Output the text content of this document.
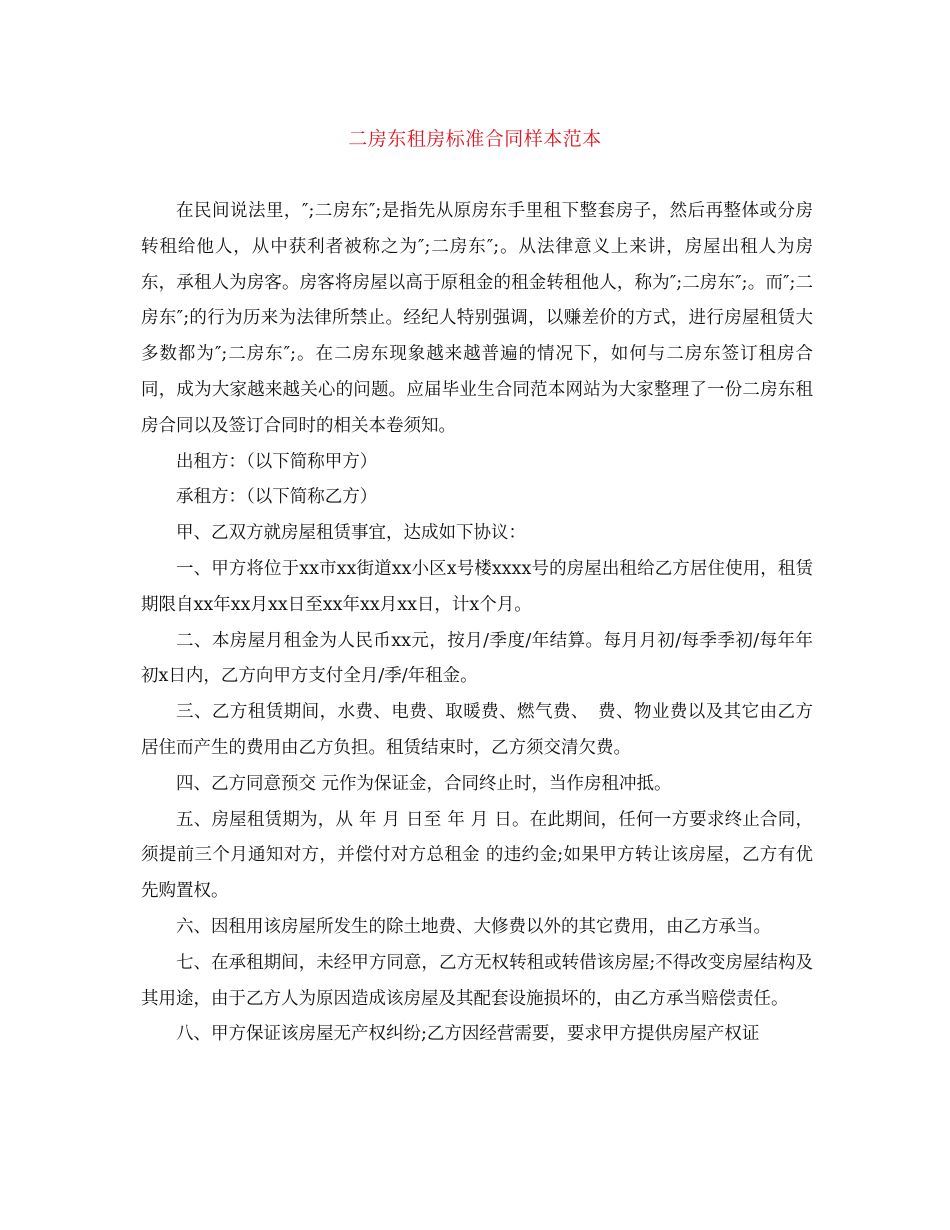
二房东租房标准合同样本范本

在民间说法里，″;二房东″;是指先从原房东手里租下整套房子，然后再整体或分房转租给他人，从中获利者被称之为″;二房东″;。从法律意义上来讲，房屋出租人为房东，承租人为房客。房客将房屋以高于原租金的租金转租他人，称为″;二房东″;。而″;二房东″;的行为历来为法律所禁止。经纪人特别强调，以赚差价的方式，进行房屋租赁大多数都为″;二房东″;。在二房东现象越来越普遍的情况下，如何与二房东签订租房合同，成为大家越来越关心的问题。应届毕业生合同范本网站为大家整理了一份二房东租房合同以及签订合同时的相关本卷须知。

出租方：（以下简称甲方）

承租方：（以下简称乙方）

甲、乙双方就房屋租赁事宜，达成如下协议：

一、甲方将位于xx市xx街道xx小区x号楼xxxx号的房屋出租给乙方居住使用，租赁期限自xx年xx月xx日至xx年xx月xx日，计x个月。

二、本房屋月租金为人民币xx元，按月/季度/年结算。每月月初/每季季初/每年年初x日内，乙方向甲方支付全月/季/年租金。

三、乙方租赁期间，水费、电费、取暖费、燃气费、　费、物业费以及其它由乙方居住而产生的费用由乙方负担。租赁结束时，乙方须交清欠费。

四、乙方同意预交 元作为保证金，合同终止时，当作房租冲抵。

五、房屋租赁期为，从 年 月 日至 年 月 日。在此期间，任何一方要求终止合同，须提前三个月通知对方，并偿付对方总租金 的违约金;如果甲方转让该房屋，乙方有优先购置权。

六、因租用该房屋所发生的除土地费、大修费以外的其它费用，由乙方承当。

七、在承租期间，未经甲方同意，乙方无权转租或转借该房屋;不得改变房屋结构及其用途，由于乙方人为原因造成该房屋及其配套设施损坏的，由乙方承当赔偿责任。

八、甲方保证该房屋无产权纠纷;乙方因经营需要，要求甲方提供房屋产权证
